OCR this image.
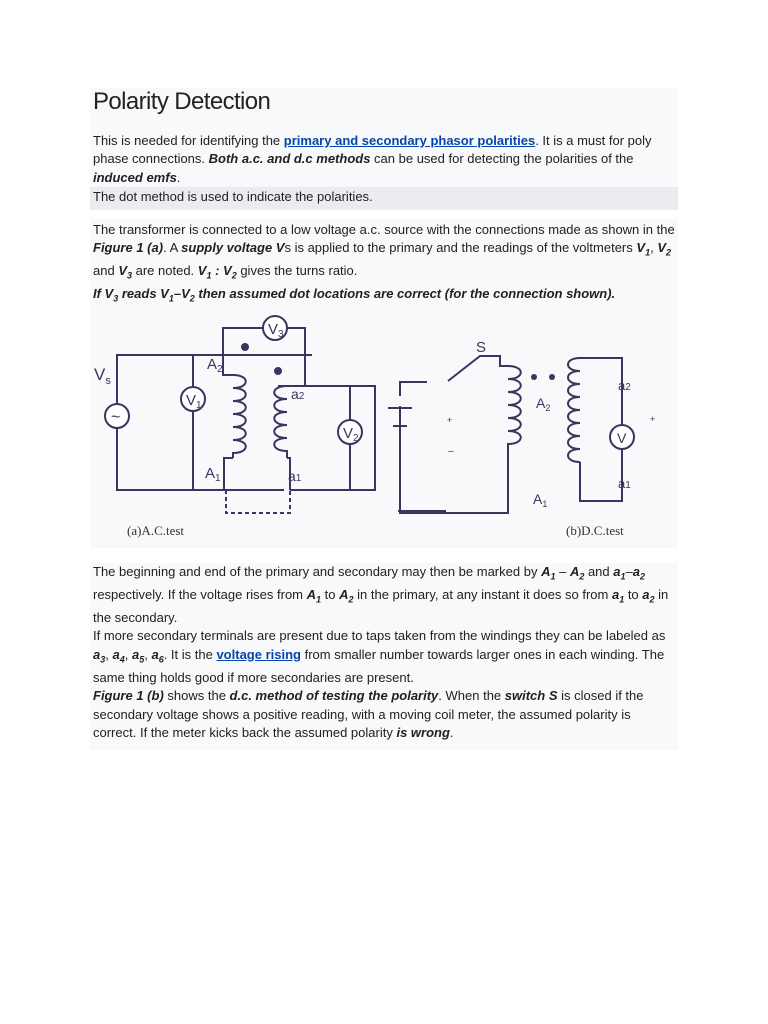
Polarity Detection

This is needed for identifying the primary and secondary phasor polarities. It is a must for poly phase connections. Both a.c. and d.c methods can be used for detecting the polarities of the induced emfs.

The dot method is used to indicate the polarities.

The transformer is connected to a low voltage a.c. source with the connections made as shown in the Figure 1 (a). A supply voltage Vs is applied to the primary and the readings of the voltmeters $V_1$, $V_2$ and $V_3$ are noted. $V_1$ : $V_2$ gives the turns ratio.

If $V_3$ reads $V_1-V_2$ then assumed dot locations are correct (for the connection shown).

$V_s$
~
$V_1$
$V_3$
$V_2$
$A_2$
$A_1$
a2
a1
S
+
–
+
V
$A_2$
$A_1$
a2
a1
(a)A.C.test	(b)D.C.test

The beginning and end of the primary and secondary may then be marked by $A_1 - A_2$ and $a_1-a_2$ respectively. If the voltage rises from $A_1$ to $A_2$ in the primary, at any instant it does so from $a_1$ to $a_2$ in the secondary.

If more secondary terminals are present due to taps taken from the windings they can be labeled as $a_3$, $a_4$, $a_5$, $a_6$. It is the voltage rising from smaller number towards larger ones in each winding. The same thing holds good if more secondaries are present.

Figure 1 (b) shows the d.c. method of testing the polarity. When the switch S is closed if the secondary voltage shows a positive reading, with a moving coil meter, the assumed polarity is correct. If the meter kicks back the assumed polarity is wrong.
